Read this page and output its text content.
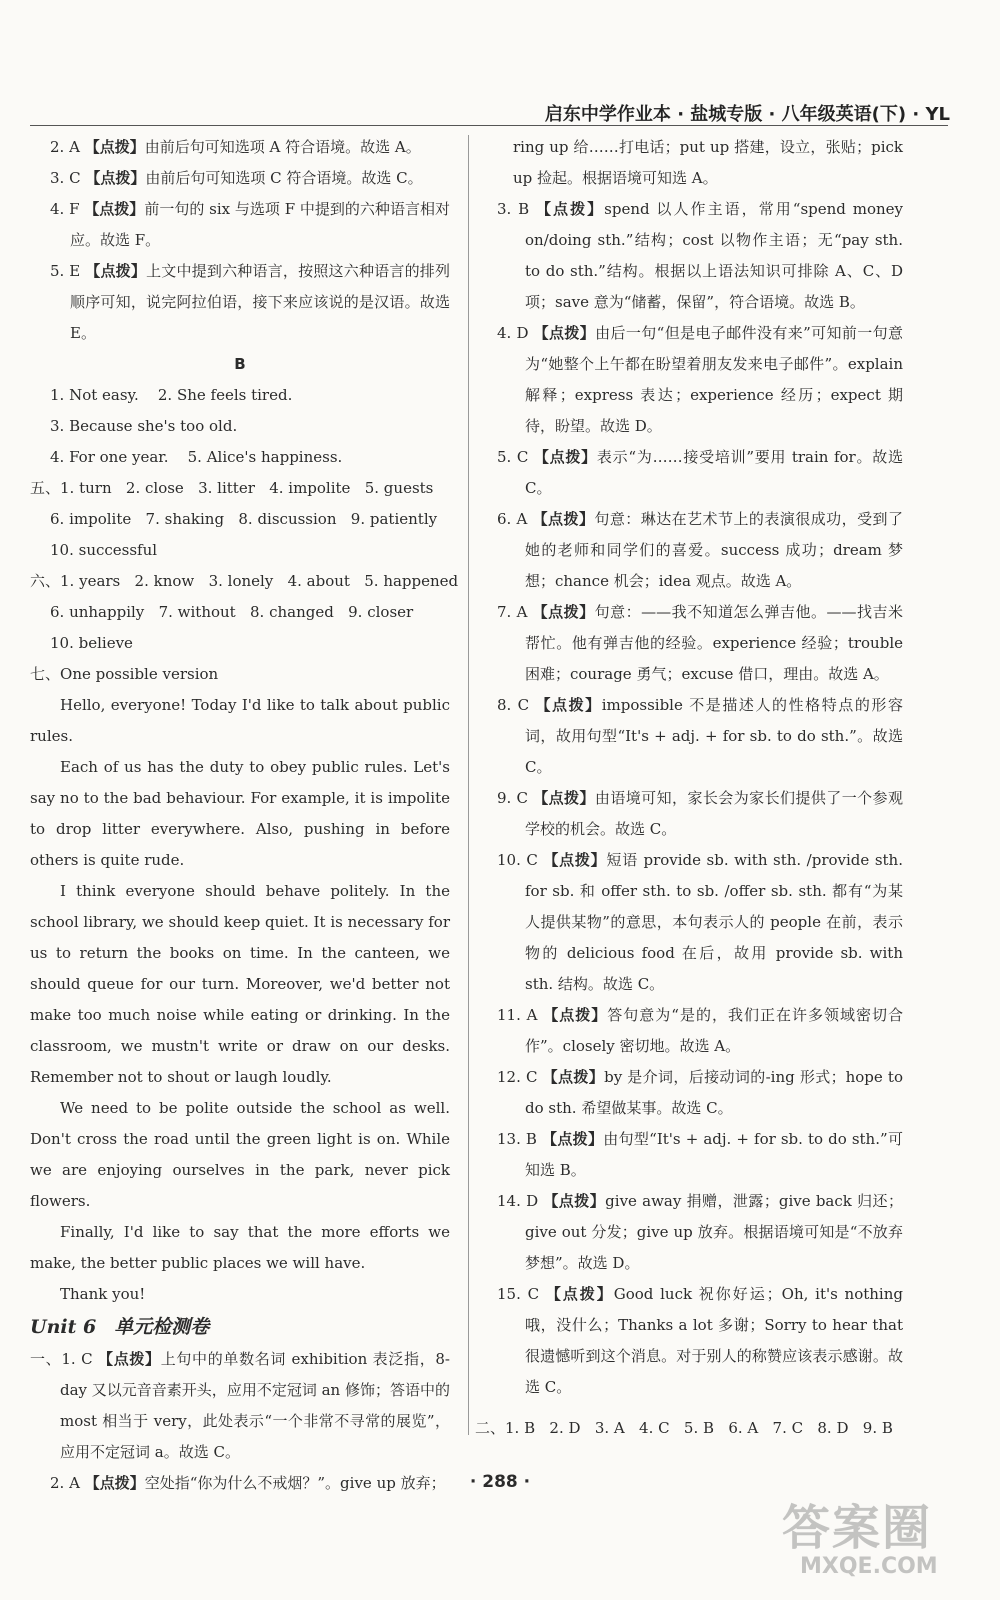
启东中学作业本 · 盐城专版 · 八年级英语(下) · YL

2. A 【点拨】由前后句可知选项 A 符合语境。故选 A。

3. C 【点拨】由前后句可知选项 C 符合语境。故选 C。

4. F 【点拨】前一句的 six 与选项 F 中提到的六种语言相对应。故选 F。

5. E 【点拨】上文中提到六种语言，按照这六种语言的排列顺序可知，说完阿拉伯语，接下来应该说的是汉语。故选 E。

B

1. Not easy.    2. She feels tired.

3. Because she's too old.

4. For one year.    5. Alice's happiness.

五、1. turn   2. close   3. litter   4. impolite   5. guests

6. impolite   7. shaking   8. discussion   9. patiently

10. successful

六、1. years   2. know   3. lonely   4. about   5. happened

6. unhappily   7. without   8. changed   9. closer

10. believe

七、One possible version

Hello, everyone! Today I'd like to talk about public rules.

Each of us has the duty to obey public rules. Let's say no to the bad behaviour. For example, it is impolite to drop litter everywhere. Also, pushing in before others is quite rude.

I think everyone should behave politely. In the school library, we should keep quiet. It is necessary for us to return the books on time. In the canteen, we should queue for our turn. Moreover, we'd better not make too much noise while eating or drinking. In the classroom, we mustn't write or draw on our desks. Remember not to shout or laugh loudly.

We need to be polite outside the school as well. Don't cross the road until the green light is on. While we are enjoying ourselves in the park, never pick flowers.

Finally, I'd like to say that the more efforts we make, the better public places we will have.

Thank you!

Unit 6 单元检测卷

一、1. C 【点拨】上句中的单数名词 exhibition 表泛指，8-day 又以元音音素开头，应用不定冠词 an 修饰；答语中的 most 相当于 very，此处表示“一个非常不寻常的展览”，应用不定冠词 a。故选 C。

2. A 【点拨】空处指“你为什么不戒烟？”。give up 放弃；

ring up 给……打电话；put up 搭建，设立，张贴；pick up 捡起。根据语境可知选 A。

3. B 【点拨】spend 以人作主语，常用“spend money on/doing sth.”结构；cost 以物作主语；无“pay sth. to do sth.”结构。根据以上语法知识可排除 A、C、D 项；save 意为“储蓄，保留”，符合语境。故选 B。

4. D 【点拨】由后一句“但是电子邮件没有来”可知前一句意为“她整个上午都在盼望着朋友发来电子邮件”。explain 解释；express 表达；experience 经历；expect 期待，盼望。故选 D。

5. C 【点拨】表示“为……接受培训”要用 train for。故选 C。

6. A 【点拨】句意：琳达在艺术节上的表演很成功，受到了她的老师和同学们的喜爱。success 成功；dream 梦想；chance 机会；idea 观点。故选 A。

7. A 【点拨】句意：——我不知道怎么弹吉他。——找吉米帮忙。他有弹吉他的经验。experience 经验；trouble 困难；courage 勇气；excuse 借口，理由。故选 A。

8. C 【点拨】impossible 不是描述人的性格特点的形容词，故用句型“It's + adj. + for sb. to do sth.”。故选 C。

9. C 【点拨】由语境可知，家长会为家长们提供了一个参观学校的机会。故选 C。

10. C 【点拨】短语 provide sb. with sth. /provide sth. for sb. 和 offer sth. to sb. /offer sb. sth. 都有“为某人提供某物”的意思，本句表示人的 people 在前，表示物的 delicious food 在后，故用 provide sb. with sth. 结构。故选 C。

11. A 【点拨】答句意为“是的，我们正在许多领域密切合作”。closely 密切地。故选 A。

12. C 【点拨】by 是介词，后接动词的-ing 形式；hope to do sth. 希望做某事。故选 C。

13. B 【点拨】由句型“It's + adj. + for sb. to do sth.”可知选 B。

14. D 【点拨】give away 捐赠，泄露；give back 归还；give out 分发；give up 放弃。根据语境可知是“不放弃梦想”。故选 D。

15. C 【点拨】Good luck 祝你好运；Oh, it's nothing 哦，没什么；Thanks a lot 多谢；Sorry to hear that 很遗憾听到这个消息。对于别人的称赞应该表示感谢。故选 C。

二、1. B   2. D   3. A   4. C   5. B   6. A   7. C   8. D   9. B
· 288 ·
答案圈
MXQE.COM
